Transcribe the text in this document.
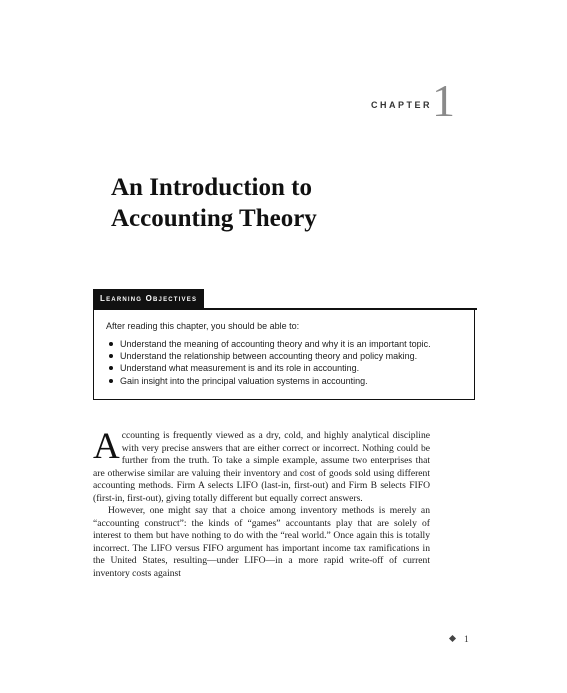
CHAPTER 1
An Introduction to
Accounting Theory
Learning Objectives

After reading this chapter, you should be able to:

Understand the meaning of accounting theory and why it is an important topic.
Understand the relationship between accounting theory and policy making.
Understand what measurement is and its role in accounting.
Gain insight into the principal valuation systems in accounting.

Accounting is frequently viewed as a dry, cold, and highly analytical discipline with very precise answers that are either correct or incorrect. Nothing could be further from the truth. To take a simple example, assume two enterprises that are otherwise similar are valuing their inventory and cost of goods sold using different accounting methods. Firm A selects LIFO (last-in, first-out) and Firm B selects FIFO (first-in, first-out), giving totally different but equally correct answers.

However, one might say that a choice among inventory methods is merely an “accounting construct”: the kinds of “games” accountants play that are solely of interest to them but have nothing to do with the “real world.” Once again this is totally incorrect. The LIFO versus FIFO argument has important income tax ramifications in the United States, resulting—under LIFO—in a more rapid write-off of current inventory costs against

1
